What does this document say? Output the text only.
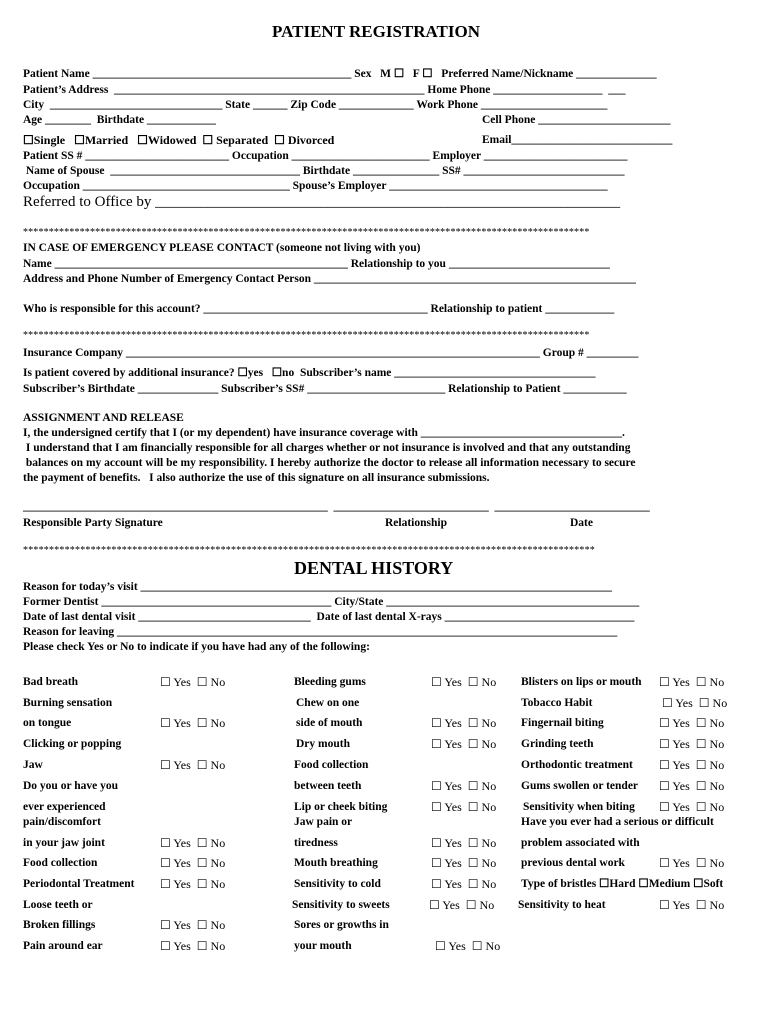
PATIENT REGISTRATION
Patient Name _____________________________________________ Sex   M ☐   F ☐   Preferred Name/Nickname ______________
Patient’s Address  ______________________________________________________ Home Phone ___________________  ___
City  ______________________________ State ______ Zip Code _____________ Work Phone ______________________
Age ________  Birthdate ____________	Cell Phone _______________________
☐Single   ☐Married   ☐Widowed  ☐ Separated  ☐ Divorced	Email____________________________
Patient SS # _________________________ Occupation ________________________ Employer _________________________
Name of Spouse  _________________________________ Birthdate _______________ SS# ____________________________
Occupation ____________________________________ Spouse’s Employer ______________________________________
Referred to Office by ______________________________________________________________
**************************************************************************************************************
IN CASE OF EMERGENCY PLEASE CONTACT (someone not living with you)
Name ___________________________________________________ Relationship to you ____________________________
Address and Phone Number of Emergency Contact Person ________________________________________________________
Who is responsible for this account? _______________________________________ Relationship to patient ____________
**************************************************************************************************************
Insurance Company ________________________________________________________________________ Group # _________
Is patient covered by additional insurance? ☐yes   ☐no  Subscriber’s name ___________________________________
Subscriber’s Birthdate ______________ Subscriber’s SS# ________________________ Relationship to Patient ___________
ASSIGNMENT AND RELEASE
I, the undersigned certify that I (or my dependent) have insurance coverage with ___________________________________.
I understand that I am financially responsible for all charges whether or not insurance is involved and that any outstanding
balances on my account will be my responsibility. I hereby authorize the doctor to release all information necessary to secure
the payment of benefits.   I also authorize the use of this signature on all insurance submissions.
_____________________________________________________  ___________________________  ___________________________
Responsible Party Signature	Relationship	Date
**************************************************************************************************************
DENTAL HISTORY
Reason for today’s visit __________________________________________________________________________________
Former Dentist ________________________________________ City/State ____________________________________________
Date of last dental visit ______________________________  Date of last dental X-rays _________________________________
Reason for leaving _______________________________________________________________________________________
Please check Yes or No to indicate if you have had any of the following:
Bad breath	☐ Yes  ☐ No
Burning sensation
on tongue	☐ Yes  ☐ No
Clicking or popping
Jaw	☐ Yes  ☐ No
Do you or have you
ever experienced
pain/discomfort
in your jaw joint	☐ Yes  ☐ No
Food collection	☐ Yes  ☐ No
Periodontal Treatment ☐ Yes  ☐ No
Loose teeth or
Broken fillings	☐ Yes  ☐ No
Pain around ear	☐ Yes  ☐ No
Bleeding gums	☐ Yes  ☐ No
Chew on one
side of mouth	☐ Yes  ☐ No
Dry mouth	☐ Yes  ☐ No
Food collection
between teeth	☐ Yes  ☐ No
Lip or cheek biting	☐ Yes  ☐ No
Jaw pain or
tiredness	☐ Yes  ☐ No
Mouth breathing	☐ Yes  ☐ No
Sensitivity to cold	☐ Yes  ☐ No
Sensitivity to sweets	☐ Yes  ☐ No
Sores or growths in
your mouth	☐ Yes  ☐ No
Blisters on lips or mouth ☐ Yes  ☐ No
Tobacco Habit	☐ Yes  ☐ No
Fingernail biting	☐ Yes  ☐ No
Grinding teeth	☐ Yes  ☐ No
Orthodontic treatment ☐ Yes  ☐ No
Gums swollen or tender ☐ Yes  ☐ No
Sensitivity when biting ☐ Yes  ☐ No
Have you ever had a serious or difficult
problem associated with
previous dental work	☐ Yes  ☐ No
Type of bristles ☐Hard ☐Medium ☐Soft
Sensitivity to heat	☐ Yes  ☐ No
